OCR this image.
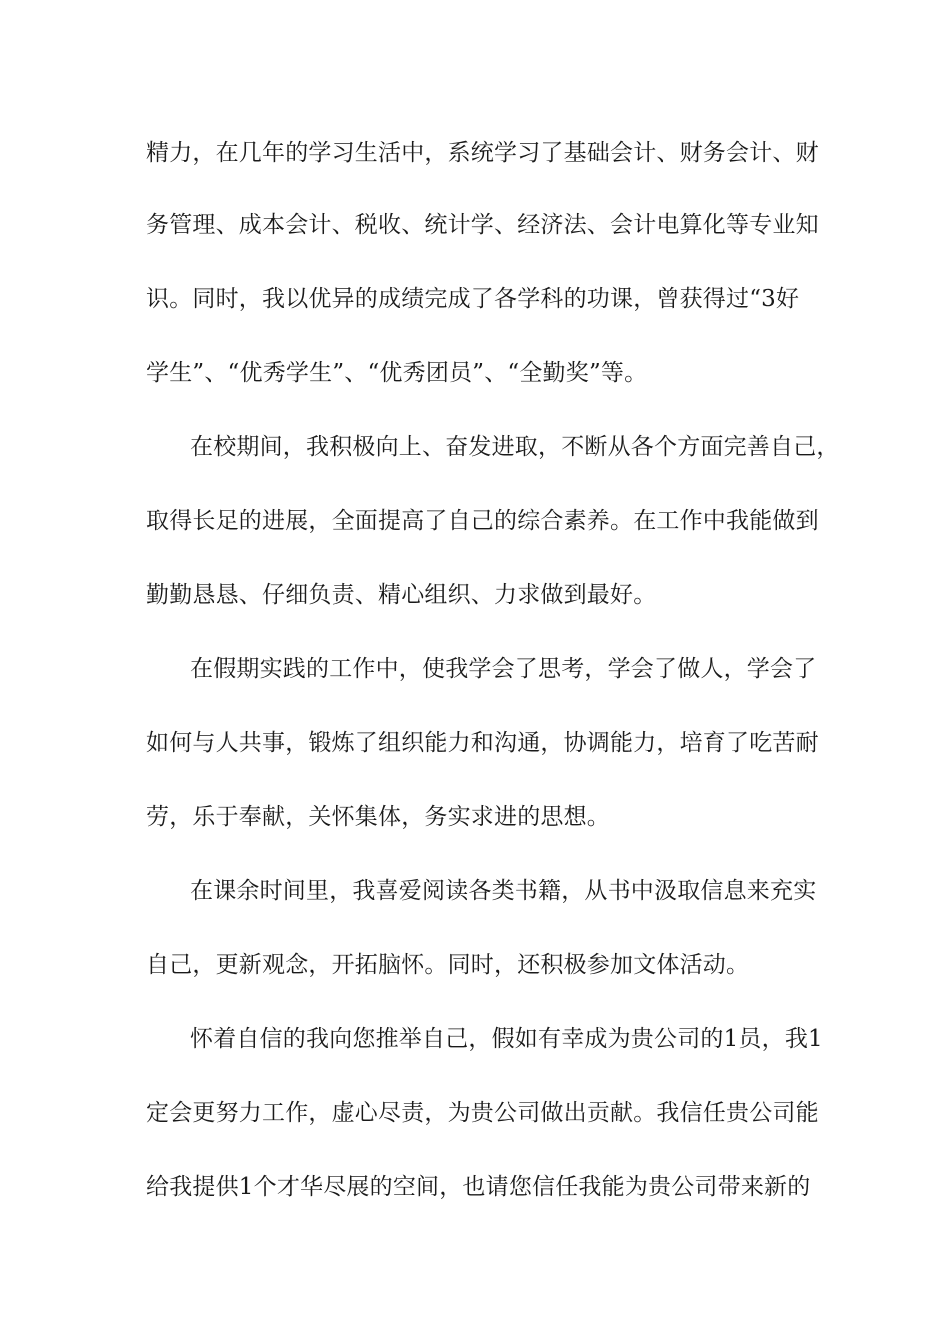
精力，在几年的学习生活中，系统学习了基础会计、财务会计、财
务管理、成本会计、税收、统计学、经济法、会计电算化等专业知
识。同时，我以优异的成绩完成了各学科的功课，曾获得过“3好
学生”、“优秀学生”、“优秀团员”、“全勤奖”等。
在校期间，我积极向上、奋发进取，不断从各个方面完善自己，
取得长足的进展，全面提高了自己的综合素养。在工作中我能做到
勤勤恳恳、仔细负责、精心组织、力求做到最好。
在假期实践的工作中，使我学会了思考，学会了做人，学会了
如何与人共事，锻炼了组织能力和沟通，协调能力，培育了吃苦耐
劳，乐于奉献，关怀集体，务实求进的思想。
在课余时间里，我喜爱阅读各类书籍，从书中汲取信息来充实
自己，更新观念，开拓脑怀。同时，还积极参加文体活动。
怀着自信的我向您推举自己，假如有幸成为贵公司的1员，我1
定会更努力工作，虚心尽责，为贵公司做出贡献。我信任贵公司能
给我提供1个才华尽展的空间，也请您信任我能为贵公司带来新的
